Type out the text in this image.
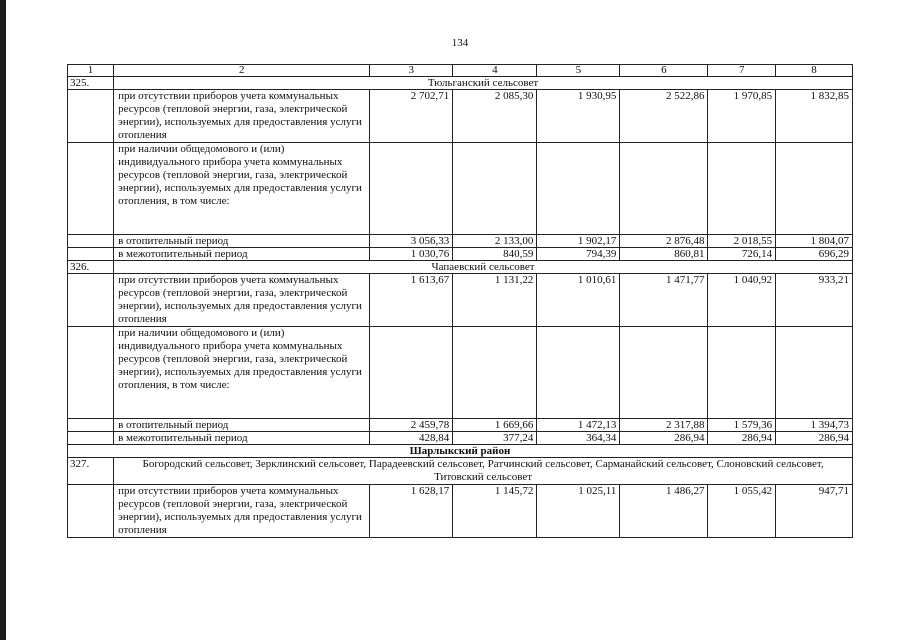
134
1	2	3	4	5	6	7	8
325.	Тюльганский сельсовет						
	при отсутствии приборов учета коммунальных ресурсов (тепловой энергии, газа, электрической энергии), используемых для предоставления услуги отопления	2 702,71	2 085,30	1 930,95	2 522,86	1 970,85	1 832,85
	при наличии общедомового и (или) индивидуального прибора учета коммунальных ресурсов (тепловой энергии, газа, электрической энергии), используемых для предоставления услуги отопления, в том числе:						
	в отопительный период	3 056,33	2 133,00	1 902,17	2 876,48	2 018,55	1 804,07
	в межотопительный период	1 030,76	840,59	794,39	860,81	726,14	696,29
326.	Чапаевский сельсовет						
	при отсутствии приборов учета коммунальных ресурсов (тепловой энергии, газа, электрической энергии), используемых для предоставления услуги отопления	1 613,67	1 131,22	1 010,61	1 471,77	1 040,92	933,21
	при наличии общедомового и (или) индивидуального прибора учета коммунальных ресурсов (тепловой энергии, газа, электрической энергии), используемых для предоставления услуги отопления, в том числе:						
	в отопительный период	2 459,78	1 669,66	1 472,13	2 317,88	1 579,36	1 394,73
	в межотопительный период	428,84	377,24	364,34	286,94	286,94	286,94
Шарлыкский район							
327.	Богородский сельсовет, Зерклинский сельсовет, Парадеевский сельсовет, Ратчинский сельсовет, Сарманайский сельсовет, Слоновский сельсовет, Титовский сельсовет						
	при отсутствии приборов учета коммунальных ресурсов (тепловой энергии, газа, электрической энергии), используемых для предоставления услуги отопления	1 628,17	1 145,72	1 025,11	1 486,27	1 055,42	947,71
